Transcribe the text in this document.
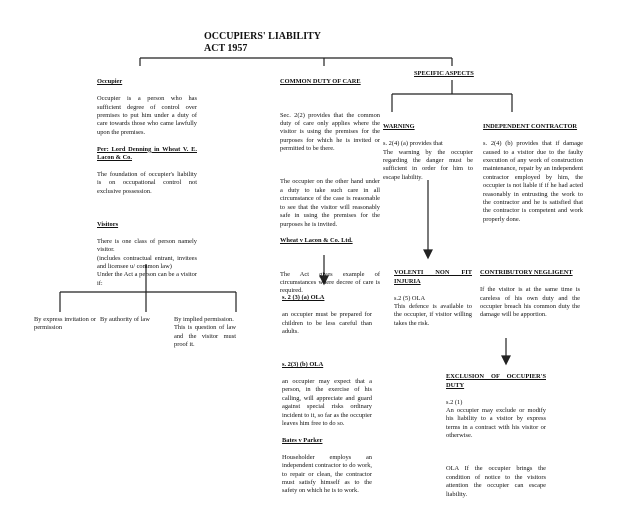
OCCUPIERS' LIABILITY
ACT 1957

Occupier

Occupier is a person who has sufficient degree of control over premises to put him under a duty of care towards those who came lawfully upon the premises.

Per: Lord Denning in Wheat V. E. Lacon & Co.

The foundation of occupier's liability is on occupational control not exclusive possession.

Visitors

There is one class of person namely visitor.
(includes contractual entrant, invitees and licensee u/ common law)
Under the Act a person can be a visitor if:

COMMON DUTY OF CARE

Sec. 2(2) provides that the common duty of care only applies where the visitor is using the premises for the purposes for which he is invited or permitted to be there.

The occupier on the other hand under a duty to take such care in all circumstance of the case is reasonable to see that the visitor will reasonably safe in using the premises for the purposes he is invited.

Wheat v Lacon & Co. Ltd.

The Act gives example of circumstances where decree of care is required.

SPECIFIC ASPECTS

WARNING

s. 2(4) (a) provides that
The warning by the occupier regarding the danger must be sufficient in order for him to escape liability.

INDEPENDENT CONTRACTOR

s. 2(4) (b) provides that if damage caused to a visitor due to the faulty execution of any work of construction maintenance, repair by an independent contractor employed by him, the occupier is not liable if if he had acted reasonably in entrusting the work to the contractor and he is satisfied that the contractor is competent and work properly done.

VOLENTI NON FIT INJURIA

s.2 (5) OLA
This defence is available to the occupier, if visitor willing takes the risk.

CONTRIBUTORY NEGLIGENT

If the visitor is at the same time is careless of his own duty and the occupier breach his common duty the damage will be apportion.

s. 2 (3) (a) OLA

an occupier must be prepared for children to be less careful than adults.

s. 2(3) (b) OLA

an occupier may expect that a person, in the exercise of his calling, will appreciate and guard against special risks ordinary incident to it, so far as the occupier leaves him free to do so.

Bates v Parker

Householder employs an independent contractor to do work, to repair or clean, the contractor must satisfy himself as to the safety on which he is to work.

EXCLUSION OF OCCUPIER'S DUTY

s.2 (1)
An occupier may exclude or modify his liability to a visitor by express terms in a contract with his visitor or otherwise.

OLA If the occupier brings the condition of notice to the visitors attention the occupier can escape liability.

By express invitation or permission
By authority of law	By implied permission.
This is question of law and the visitor must proof it.
